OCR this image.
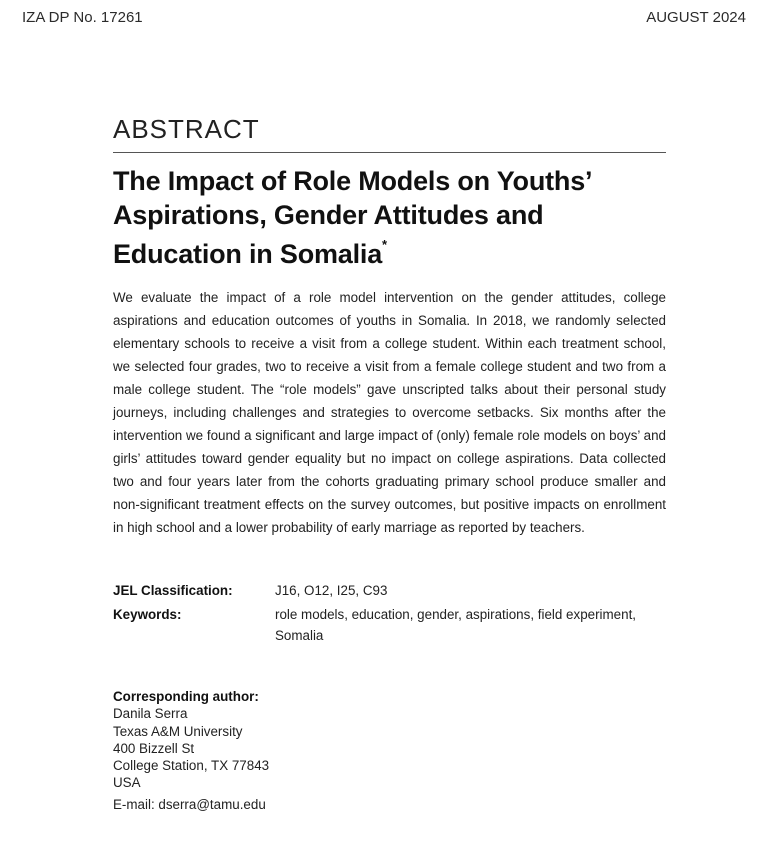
IZA DP No. 17261	AUGUST 2024
ABSTRACT
The Impact of Role Models on Youths’ Aspirations, Gender Attitudes and Education in Somalia*
We evaluate the impact of a role model intervention on the gender attitudes, college aspirations and education outcomes of youths in Somalia. In 2018, we randomly selected elementary schools to receive a visit from a college student. Within each treatment school, we selected four grades, two to receive a visit from a female college student and two from a male college student. The “role models” gave unscripted talks about their personal study journeys, including challenges and strategies to overcome setbacks. Six months after the intervention we found a significant and large impact of (only) female role models on boys’ and girls’ attitudes toward gender equality but no impact on college aspirations. Data collected two and four years later from the cohorts graduating primary school produce smaller and non-significant treatment effects on the survey outcomes, but positive impacts on enrollment in high school and a lower probability of early marriage as reported by teachers.
JEL Classification:	J16, O12, I25, C93
Keywords:	role models, education, gender, aspirations, field experiment, Somalia
Corresponding author:
Danila Serra
Texas A&M University
400 Bizzell St
College Station, TX 77843
USA
E-mail: dserra@tamu.edu
